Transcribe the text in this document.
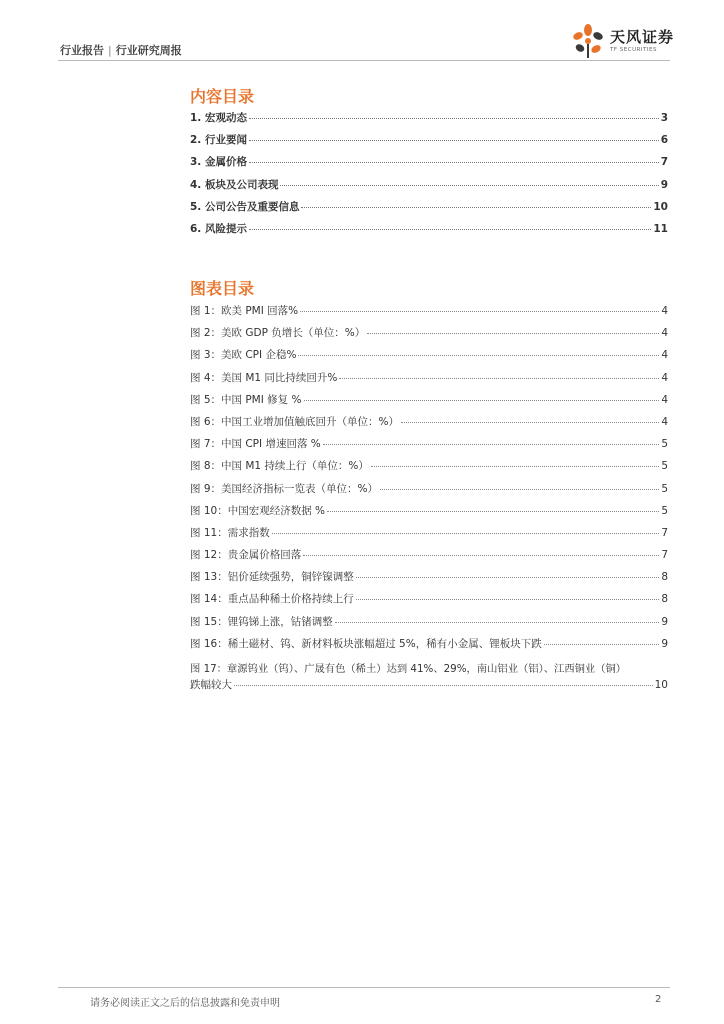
行业报告 | 行业研究周报
天风证券
TF SECURITIES
内容目录
1. 宏观动态	3
2. 行业要闻	6
3. 金属价格	7
4. 板块及公司表现	9
5. 公司公告及重要信息	10
6. 风险提示	11
图表目录
图 1：欧美 PMI 回落%	4
图 2：美欧 GDP 负增长（单位：%）	4
图 3：美欧 CPI 企稳%	4
图 4：美国 M1 同比持续回升%	4
图 5：中国 PMI 修复 %	4
图 6：中国工业增加值触底回升（单位：%）	4
图 7：中国 CPI 增速回落 %	5
图 8：中国 M1 持续上行（单位：%）	5
图 9：美国经济指标一览表（单位：%）	5
图 10：中国宏观经济数据 %	5
图 11：需求指数	7
图 12：贵金属价格回落	7
图 13：铝价延续强势，铜锌镍调整	8
图 14：重点品种稀土价格持续上行	8
图 15：锂钨锑上涨，钴锗调整	9
图 16：稀土磁材、钨、新材料板块涨幅超过 5%，稀有小金属、锂板块下跌	9
图 17：章源钨业（钨）、广晟有色（稀土）达到 41%、29%，南山铝业（铝）、江西铜业（铜）
跌幅较大	10
请务必阅读正文之后的信息披露和免责申明	2
